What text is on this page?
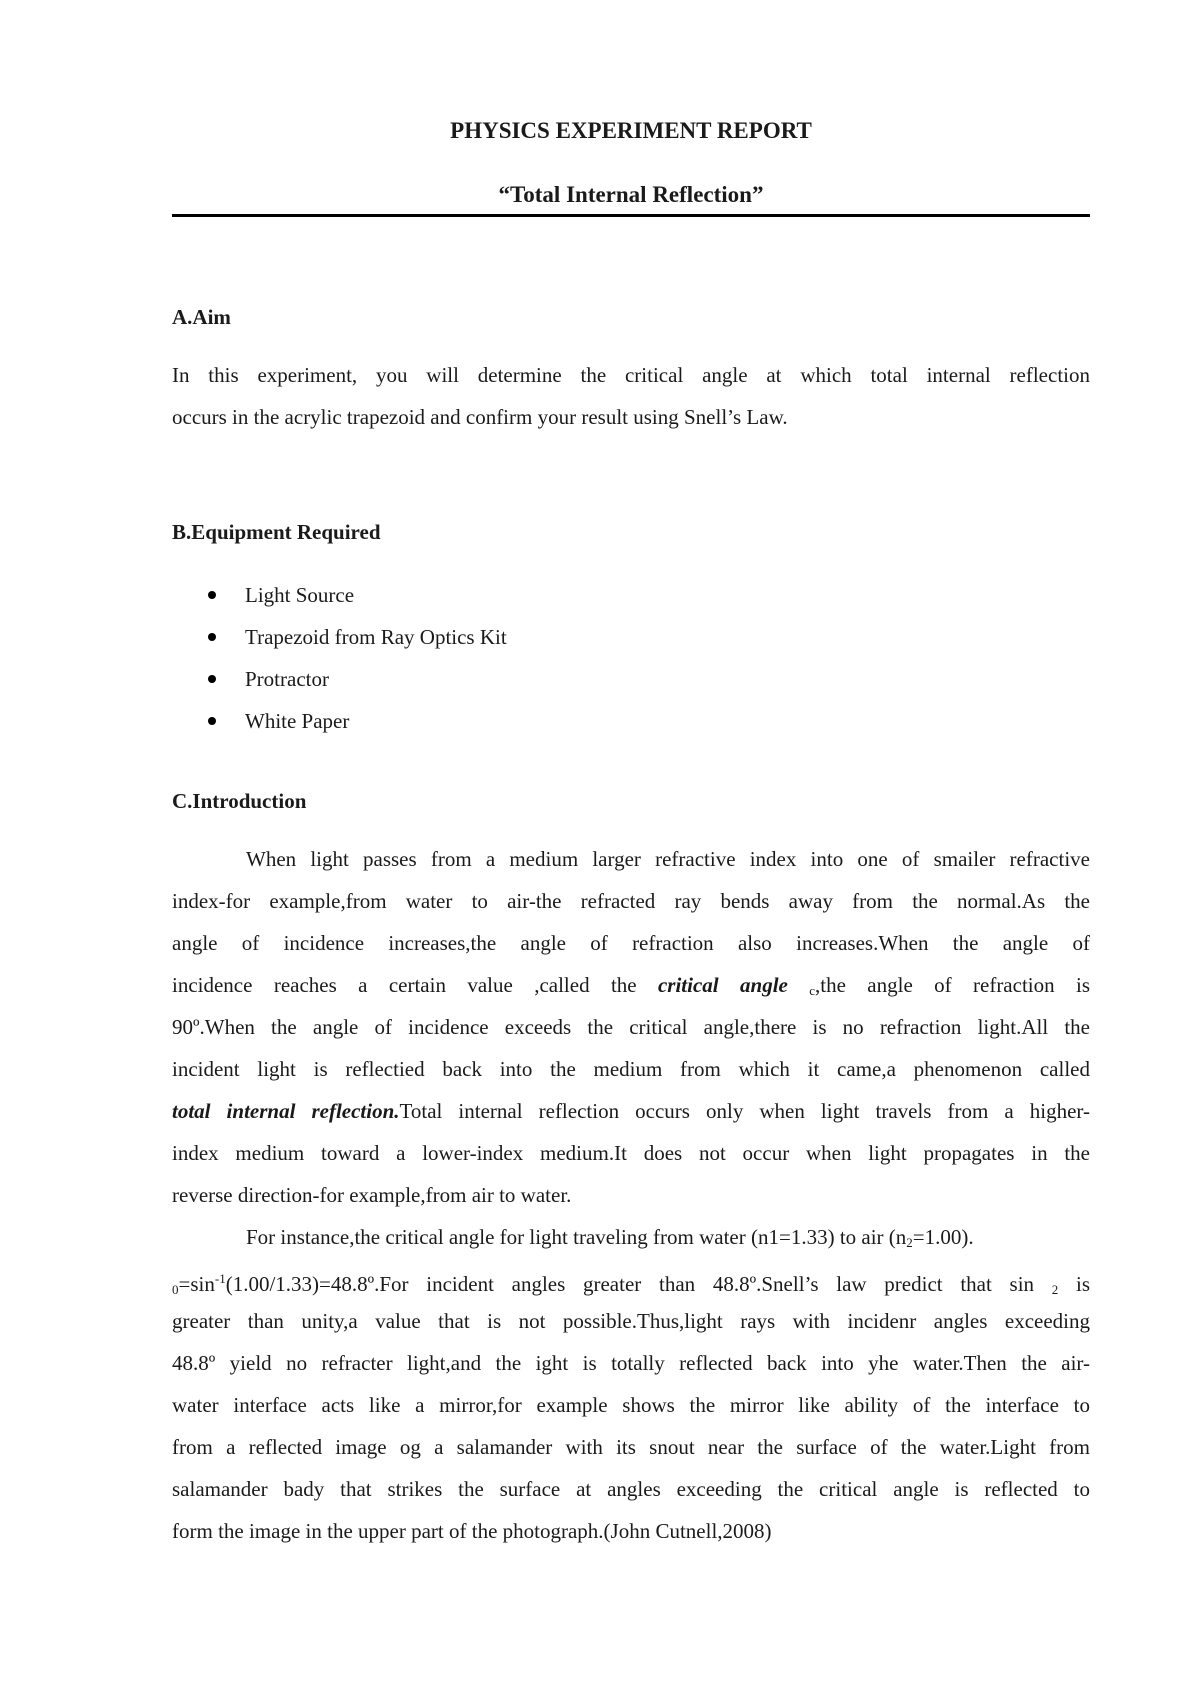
PHYSICS EXPERIMENT REPORT
“Total Internal Reflection”
A.Aim
In this experiment, you will determine the critical angle at which total internal reflection
occurs in the acrylic trapezoid and confirm your result using Snell’s Law.
B.Equipment Required
Light Source
Trapezoid from Ray Optics Kit
Protractor
White Paper
C.Introduction
When light passes from a medium larger refractive index into one of smailer refractive
index-for example,from water to air-the refracted ray bends away from the normal.As the
angle of incidence increases,the angle of refraction also increases.When the angle of
incidence reaches a certain value ,called the critical angle $_c$,the angle of refraction is
90º.When the angle of incidence exceeds the critical angle,there is no refraction light.All the
incident light is reflectied back into the medium from which it came,a phenomenon called
total internal reflection.Total internal reflection occurs only when light travels from a higher-
index medium toward a lower-index medium.It does not occur when light propagates in the
reverse direction-for example,from air to water.
For instance,the critical angle for light traveling from water (n1=1.33) to air $(n_2=1.00)$.
$_0=\sin^{-1}(1.00/1.33)=48.8º.For$ incident angles greater than 48.8º.Snell’s law predict that sin $_2$ is
greater than unity,a value that is not possible.Thus,light rays with incidenr angles exceeding
48.8º yield no refracter light,and the ight is totally reflected back into yhe water.Then the air-
water interface acts like a mirror,for example shows the mirror like ability of the interface to
from a reflected image og a salamander with its snout near the surface of the water.Light from
salamander bady that strikes the surface at angles exceeding the critical angle is reflected to
form the image in the upper part of the photograph.(John Cutnell,2008)
